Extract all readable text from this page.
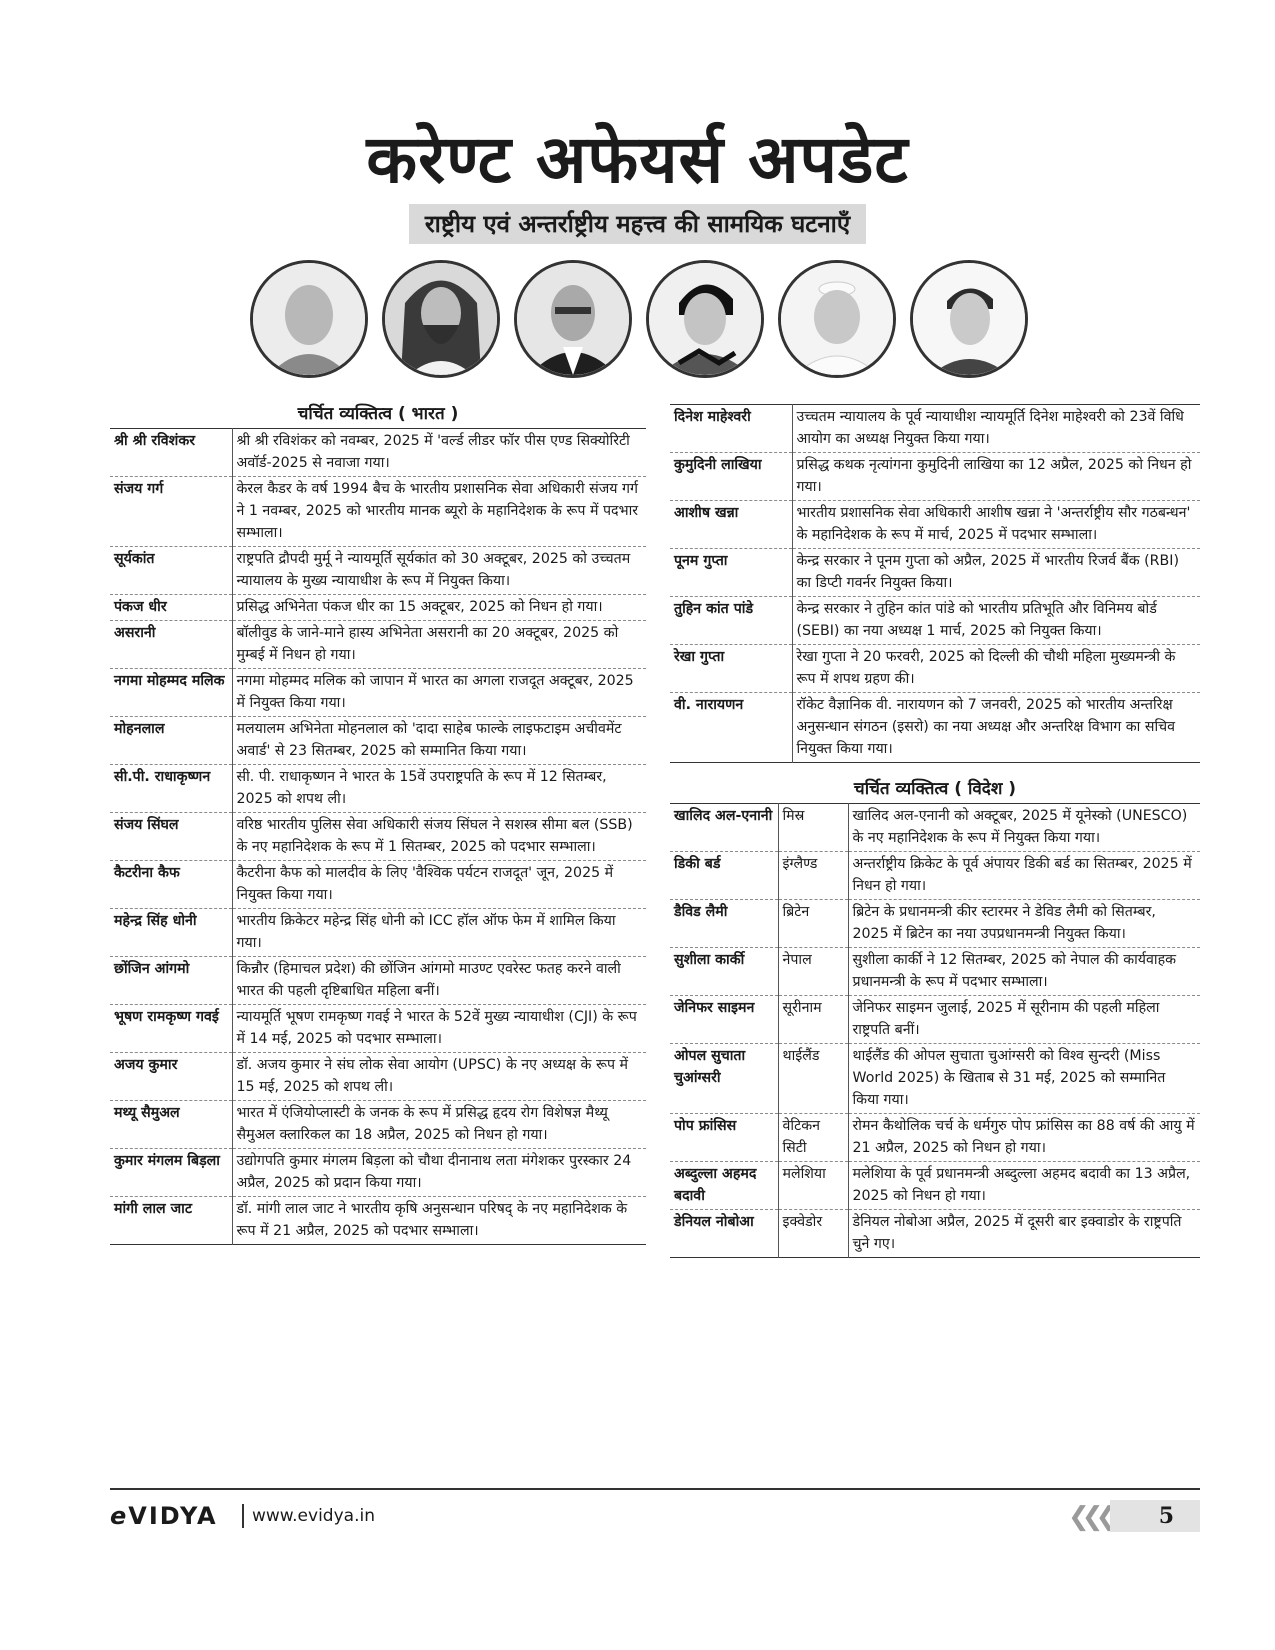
करेण्ट अफेयर्स अपडेट
राष्ट्रीय एवं अन्तर्राष्ट्रीय महत्त्व की सामयिक घटनाएँ
चर्चित व्यक्तित्व ( भारत )
श्री श्री रविशंकर	श्री श्री रविशंकर को नवम्बर, 2025 में 'वर्ल्ड लीडर फॉर पीस एण्ड सिक्योरिटी अवॉर्ड-2025 से नवाजा गया।
संजय गर्ग	केरल कैडर के वर्ष 1994 बैच के भारतीय प्रशासनिक सेवा अधिकारी संजय गर्ग ने 1 नवम्बर, 2025 को भारतीय मानक ब्यूरो के महानिदेशक के रूप में पदभार सम्भाला।
सूर्यकांत	राष्ट्रपति द्रौपदी मुर्मू ने न्यायमूर्ति सूर्यकांत को 30 अक्टूबर, 2025 को उच्चतम न्यायालय के मुख्य न्यायाधीश के रूप में नियुक्त किया।
पंकज धीर	प्रसिद्ध अभिनेता पंकज धीर का 15 अक्टूबर, 2025 को निधन हो गया।
असरानी	बॉलीवुड के जाने-माने हास्य अभिनेता असरानी का 20 अक्टूबर, 2025 को मुम्बई में निधन हो गया।
नगमा मोहम्मद मलिक	नगमा मोहम्मद मलिक को जापान में भारत का अगला राजदूत अक्टूबर, 2025 में नियुक्त किया गया।
मोहनलाल	मलयालम अभिनेता मोहनलाल को 'दादा साहेब फाल्के लाइफटाइम अचीवमेंट अवार्ड' से 23 सितम्बर, 2025 को सम्मानित किया गया।
सी.पी. राधाकृष्णन	सी. पी. राधाकृष्णन ने भारत के 15वें उपराष्ट्रपति के रूप में 12 सितम्बर, 2025 को शपथ ली।
संजय सिंघल	वरिष्ठ भारतीय पुलिस सेवा अधिकारी संजय सिंघल ने सशस्त्र सीमा बल (SSB) के नए महानिदेशक के रूप में 1 सितम्बर, 2025 को पदभार सम्भाला।
कैटरीना कैफ	कैटरीना कैफ को मालदीव के लिए 'वैश्विक पर्यटन राजदूत' जून, 2025 में नियुक्त किया गया।
महेन्द्र सिंह धोनी	भारतीय क्रिकेटर महेन्द्र सिंह धोनी को ICC हॉल ऑफ फेम में शामिल किया गया।
छोंजिन आंगमो	किन्नौर (हिमाचल प्रदेश) की छोंजिन आंगमो माउण्ट एवरेस्ट फतह करने वाली भारत की पहली दृष्टिबाधित महिला बनीं।
भूषण रामकृष्ण गवई	न्यायमूर्ति भूषण रामकृष्ण गवई ने भारत के 52वें मुख्य न्यायाधीश (CJI) के रूप में 14 मई, 2025 को पदभार सम्भाला।
अजय कुमार	डॉ. अजय कुमार ने संघ लोक सेवा आयोग (UPSC) के नए अध्यक्ष के रूप में 15 मई, 2025 को शपथ ली।
मथ्यू सैमुअल	भारत में एंजियोप्लास्टी के जनक के रूप में प्रसिद्ध हृदय रोग विशेषज्ञ मैथ्यू सैमुअल क्लारिकल का 18 अप्रैल, 2025 को निधन हो गया।
कुमार मंगलम बिड़ला	उद्योगपति कुमार मंगलम बिड़ला को चौथा दीनानाथ लता मंगेशकर पुरस्कार 24 अप्रैल, 2025 को प्रदान किया गया।
मांगी लाल जाट	डॉ. मांगी लाल जाट ने भारतीय कृषि अनुसन्धान परिषद् के नए महानिदेशक के रूप में 21 अप्रैल, 2025 को पदभार सम्भाला।
दिनेश माहेश्वरी	उच्चतम न्यायालय के पूर्व न्यायाधीश न्यायमूर्ति दिनेश माहेश्वरी को 23वें विधि आयोग का अध्यक्ष नियुक्त किया गया।
कुमुदिनी लाखिया	प्रसिद्ध कथक नृत्यांगना कुमुदिनी लाखिया का 12 अप्रैल, 2025 को निधन हो गया।
आशीष खन्ना	भारतीय प्रशासनिक सेवा अधिकारी आशीष खन्ना ने 'अन्तर्राष्ट्रीय सौर गठबन्धन' के महानिदेशक के रूप में मार्च, 2025 में पदभार सम्भाला।
पूनम गुप्ता	केन्द्र सरकार ने पूनम गुप्ता को अप्रैल, 2025 में भारतीय रिजर्व बैंक (RBI) का डिप्टी गवर्नर नियुक्त किया।
तुहिन कांत पांडे	केन्द्र सरकार ने तुहिन कांत पांडे को भारतीय प्रतिभूति और विनिमय बोर्ड (SEBI) का नया अध्यक्ष 1 मार्च, 2025 को नियुक्त किया।
रेखा गुप्ता	रेखा गुप्ता ने 20 फरवरी, 2025 को दिल्ली की चौथी महिला मुख्यमन्त्री के रूप में शपथ ग्रहण की।
वी. नारायणन	रॉकेट वैज्ञानिक वी. नारायणन को 7 जनवरी, 2025 को भारतीय अन्तरिक्ष अनुसन्धान संगठन (इसरो) का नया अध्यक्ष और अन्तरिक्ष विभाग का सचिव नियुक्त किया गया।
चर्चित व्यक्तित्व ( विदेश )
खालिद अल-एनानी	मिस्र	खालिद अल-एनानी को अक्टूबर, 2025 में यूनेस्को (UNESCO) के नए महानिदेशक के रूप में नियुक्त किया गया।
डिकी बर्ड	इंग्लैण्ड	अन्तर्राष्ट्रीय क्रिकेट के पूर्व अंपायर डिकी बर्ड का सितम्बर, 2025 में निधन हो गया।
डैविड लैमी	ब्रिटेन	ब्रिटेन के प्रधानमन्त्री कीर स्टारमर ने डेविड लैमी को सितम्बर, 2025 में ब्रिटेन का नया उपप्रधानमन्त्री नियुक्त किया।
सुशीला कार्की	नेपाल	सुशीला कार्की ने 12 सितम्बर, 2025 को नेपाल की कार्यवाहक प्रधानमन्त्री के रूप में पदभार सम्भाला।
जेनिफर साइमन	सूरीनाम	जेनिफर साइमन जुलाई, 2025 में सूरीनाम की पहली महिला राष्ट्रपति बनीं।
ओपल सुचाता चुआंग्सरी	थाईलैंड	थाईलैंड की ओपल सुचाता चुआंग्सरी को विश्व सुन्दरी (Miss World 2025) के खिताब से 31 मई, 2025 को सम्मानित किया गया।
पोप फ्रांसिस	वेटिकन सिटी	रोमन कैथोलिक चर्च के धर्मगुरु पोप फ्रांसिस का 88 वर्ष की आयु में 21 अप्रैल, 2025 को निधन हो गया।
अब्दुल्ला अहमद बदावी	मलेशिया	मलेशिया के पूर्व प्रधानमन्त्री अब्दुल्ला अहमद बदावी का 13 अप्रैल, 2025 को निधन हो गया।
डेनियल नोबोआ	इक्वेडोर	डेनियल नोबोआ अप्रैल, 2025 में दूसरी बार इक्वाडोर के राष्ट्रपति चुने गए।
eVIDYA	www.evidya.in	❮❮❮	5
